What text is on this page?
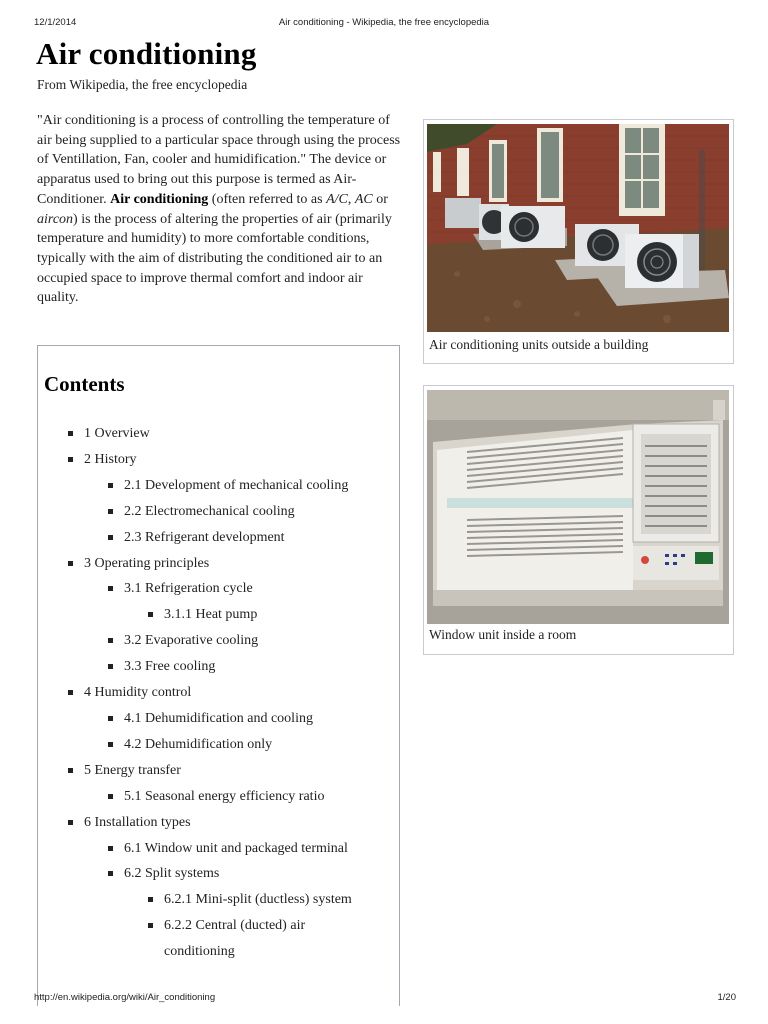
12/1/2014	Air conditioning - Wikipedia, the free encyclopedia
Air conditioning
From Wikipedia, the free encyclopedia

"Air conditioning is a process of controlling the temperature of air being supplied to a particular space through using the process of Ventillation, Fan, cooler and humidification." The device or apparatus used to bring out this purpose is termed as Air-Conditioner. Air conditioning (often referred to as A/C, AC or aircon) is the process of altering the properties of air (primarily temperature and humidity) to more comfortable conditions, typically with the aim of distributing the conditioned air to an occupied space to improve thermal comfort and indoor air quality.

Air conditioning units outside a building
Window unit inside a room
Contents
1 Overview
2 History
2.1 Development of mechanical cooling
2.2 Electromechanical cooling
2.3 Refrigerant development
3 Operating principles
3.1 Refrigeration cycle
3.1.1 Heat pump
3.2 Evaporative cooling
3.3 Free cooling
4 Humidity control
4.1 Dehumidification and cooling
4.2 Dehumidification only
5 Energy transfer
5.1 Seasonal energy efficiency ratio
6 Installation types
6.1 Window unit and packaged terminal
6.2 Split systems
6.2.1 Mini-split (ductless) system
6.2.2 Central (ducted) air conditioning
http://en.wikipedia.org/wiki/Air_conditioning	1/20
